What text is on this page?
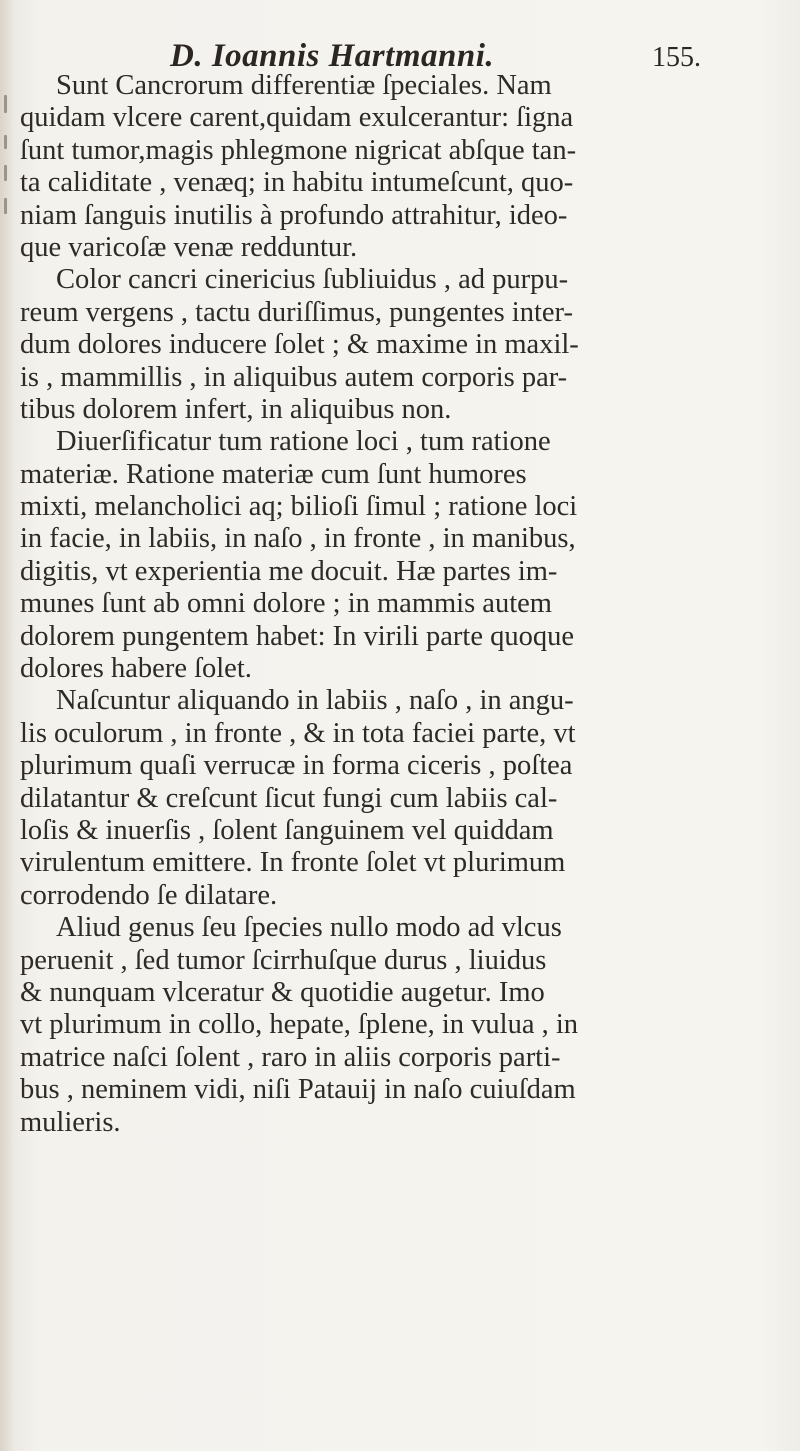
D. Ioannis Hartmanni.	155.
Sunt Cancrorum differentiæ ſpeciales. Nam
quidam vlcere carent,quidam exulcerantur: ſigna
ſunt tumor,magis phlegmone nigricat abſque tan-
ta caliditate , venæq; in habitu intumeſcunt, quo-
niam ſanguis inutilis à profundo attrahitur, ideo-
que varicoſæ venæ redduntur.
Color cancri cinericius ſubliuidus , ad purpu-
reum vergens , tactu duriſſimus, pungentes inter-
dum dolores inducere ſolet ; & maxime in maxil-
is , mammillis , in aliquibus autem corporis par-
tibus dolorem infert, in aliquibus non.
Diuerſificatur tum ratione loci , tum ratione
materiæ. Ratione materiæ cum ſunt humores
mixti, melancholici aq; bilioſi ſimul ; ratione loci
in facie, in labiis, in naſo , in fronte , in manibus,
digitis, vt experientia me docuit. Hæ partes im-
munes ſunt ab omni dolore ; in mammis autem
dolorem pungentem habet: In virili parte quoque
dolores habere ſolet.
Naſcuntur aliquando in labiis , naſo , in angu-
lis oculorum , in fronte , & in tota faciei parte, vt
plurimum quaſi verrucæ in forma ciceris , poſtea
dilatantur & creſcunt ſicut fungi cum labiis cal-
loſis & inuerſis , ſolent ſanguinem vel quiddam
virulentum emittere. In fronte ſolet vt plurimum
corrodendo ſe dilatare.
Aliud genus ſeu ſpecies nullo modo ad vlcus
peruenit , ſed tumor ſcirrhuſque durus , liuidus
& nunquam vlceratur & quotidie augetur. Imo
vt plurimum in collo, hepate, ſplene, in vulua , in
matrice naſci ſolent , raro in aliis corporis parti-
bus , neminem vidi, niſi Patauij in naſo cuiuſdam
mulieris.
